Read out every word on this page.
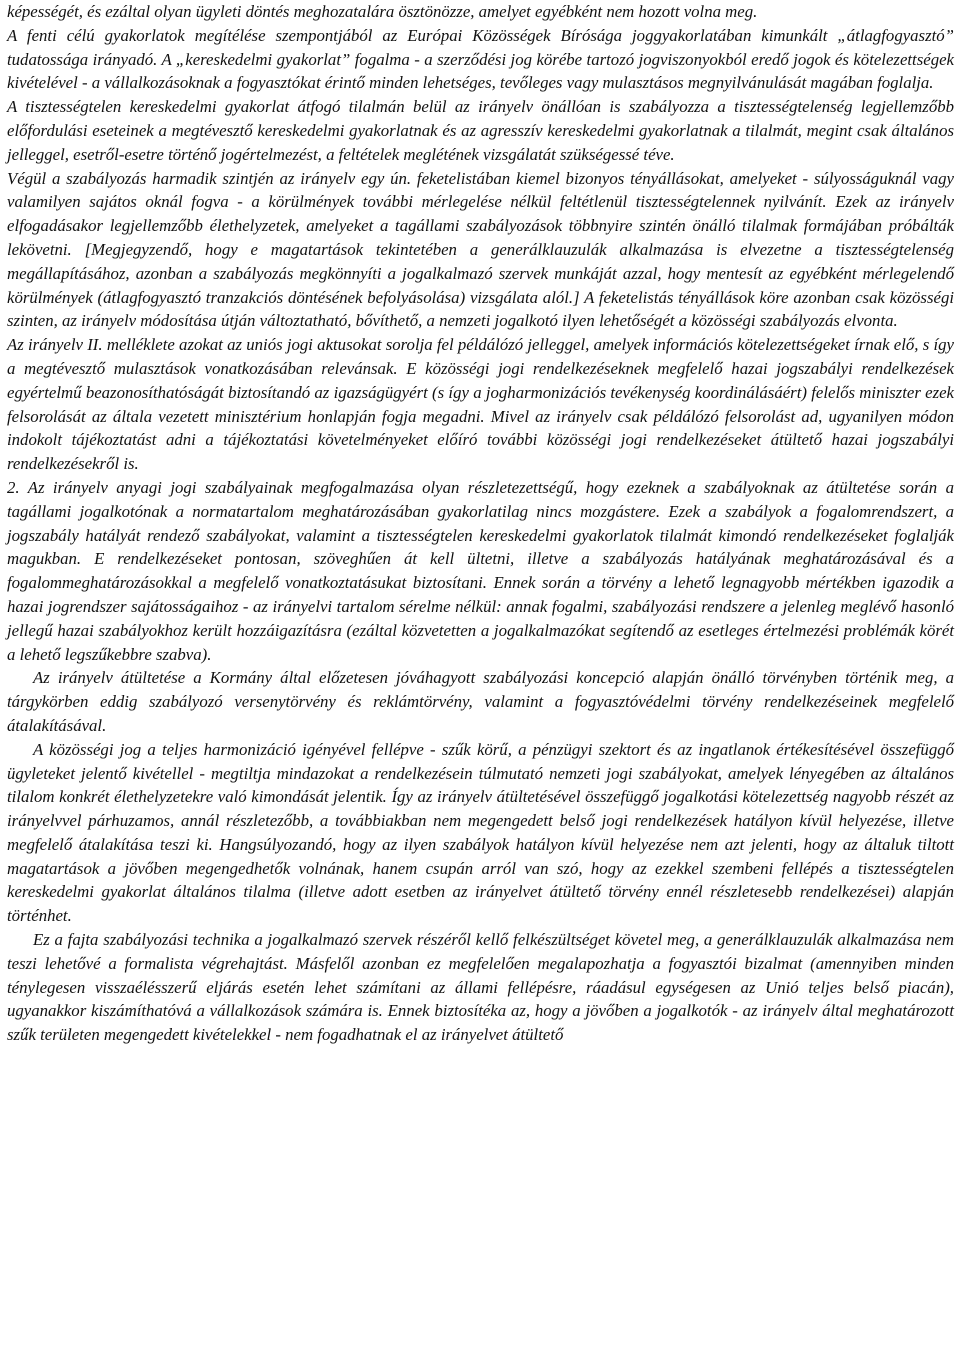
képességét, és ezáltal olyan ügyleti döntés meghozatalára ösztönözze, amelyet egyébként nem hozott volna meg.

A fenti célú gyakorlatok megítélése szempontjából az Európai Közösségek Bírósága joggyakorlatában kimunkált „átlagfogyasztó” tudatossága irányadó. A „kereskedelmi gyakorlat” fogalma - a szerződési jog körébe tartozó jogviszonyokból eredő jogok és kötelezettségek kivételével - a vállalkozásoknak a fogyasztókat érintő minden lehetséges, tevőleges vagy mulasztásos megnyilvánulását magában foglalja.

A tisztességtelen kereskedelmi gyakorlat átfogó tilalmán belül az irányelv önállóan is szabályozza a tisztességtelenség legjellemzőbb előfordulási eseteinek a megtévesztő kereskedelmi gyakorlatnak és az agresszív kereskedelmi gyakorlatnak a tilalmát, megint csak általános jelleggel, esetről-esetre történő jogértelmezést, a feltételek meglétének vizsgálatát szükségessé téve.

Végül a szabályozás harmadik szintjén az irányelv egy ún. feketelistában kiemel bizonyos tényállásokat, amelyeket - súlyosságuknál vagy valamilyen sajátos oknál fogva - a körülmények további mérlegelése nélkül feltétlenül tisztességtelennek nyilvánít. Ezek az irányelv elfogadásakor legjellemzőbb élethelyzetek, amelyeket a tagállami szabályozások többnyire szintén önálló tilalmak formájában próbálták lekövetni. [Megjegyzendő, hogy e magatartások tekintetében a generálklauzulák alkalmazása is elvezetne a tisztességtelenség megállapításához, azonban a szabályozás megkönnyíti a jogalkalmazó szervek munkáját azzal, hogy mentesít az egyébként mérlegelendő körülmények (átlagfogyasztó tranzakciós döntésének befolyásolása) vizsgálata alól.] A feketelistás tényállások köre azonban csak közösségi szinten, az irányelv módosítása útján változtatható, bővíthető, a nemzeti jogalkotó ilyen lehetőségét a közösségi szabályozás elvonta.

Az irányelv II. melléklete azokat az uniós jogi aktusokat sorolja fel példálózó jelleggel, amelyek információs kötelezettségeket írnak elő, s így a megtévesztő mulasztások vonatkozásában relevánsak. E közösségi jogi rendelkezéseknek megfelelő hazai jogszabályi rendelkezések egyértelmű beazonosíthatóságát biztosítandó az igazságügyért (s így a jogharmonizációs tevékenység koordinálásáért) felelős miniszter ezek felsorolását az általa vezetett minisztérium honlapján fogja megadni. Mivel az irányelv csak példálózó felsorolást ad, ugyanilyen módon indokolt tájékoztatást adni a tájékoztatási követelményeket előíró további közösségi jogi rendelkezéseket átültető hazai jogszabályi rendelkezésekről is.

2. Az irányelv anyagi jogi szabályainak megfogalmazása olyan részletezettségű, hogy ezeknek a szabályoknak az átültetése során a tagállami jogalkotónak a normatartalom meghatározásában gyakorlatilag nincs mozgástere. Ezek a szabályok a fogalomrendszert, a jogszabály hatályát rendező szabályokat, valamint a tisztességtelen kereskedelmi gyakorlatok tilalmát kimondó rendelkezéseket foglalják magukban. E rendelkezéseket pontosan, szöveghűen át kell ültetni, illetve a szabályozás hatályának meghatározásával és a fogalommeghatározásokkal a megfelelő vonatkoztatásukat biztosítani. Ennek során a törvény a lehető legnagyobb mértékben igazodik a hazai jogrendszer sajátosságaihoz - az irányelvi tartalom sérelme nélkül: annak fogalmi, szabályozási rendszere a jelenleg meglévő hasonló jellegű hazai szabályokhoz került hozzáigazításra (ezáltal közvetetten a jogalkalmazókat segítendő az esetleges értelmezési problémák körét a lehető legszűkebbre szabva).

Az irányelv átültetése a Kormány által előzetesen jóváhagyott szabályozási koncepció alapján önálló törvényben történik meg, a tárgykörben eddig szabályozó versenytörvény és reklámtörvény, valamint a fogyasztóvédelmi törvény rendelkezéseinek megfelelő átalakításával.

A közösségi jog a teljes harmonizáció igényével fellépve - szűk körű, a pénzügyi szektort és az ingatlanok értékesítésével összefüggő ügyleteket jelentő kivétellel - megtiltja mindazokat a rendelkezésein túlmutató nemzeti jogi szabályokat, amelyek lényegében az általános tilalom konkrét élethelyzetekre való kimondását jelentik. Így az irányelv átültetésével összefüggő jogalkotási kötelezettség nagyobb részét az irányelvvel párhuzamos, annál részletezőbb, a továbbiakban nem megengedett belső jogi rendelkezések hatályon kívül helyezése, illetve megfelelő átalakítása teszi ki. Hangsúlyozandó, hogy az ilyen szabályok hatályon kívül helyezése nem azt jelenti, hogy az általuk tiltott magatartások a jövőben megengedhetők volnának, hanem csupán arról van szó, hogy az ezekkel szembeni fellépés a tisztességtelen kereskedelmi gyakorlat általános tilalma (illetve adott esetben az irányelvet átültető törvény ennél részletesebb rendelkezései) alapján történhet.

Ez a fajta szabályozási technika a jogalkalmazó szervek részéről kellő felkészültséget követel meg, a generálklauzulák alkalmazása nem teszi lehetővé a formalista végrehajtást. Másfelől azonban ez megfelelően megalapozhatja a fogyasztói bizalmat (amennyiben minden ténylegesen visszaélésszerű eljárás esetén lehet számítani az állami fellépésre, ráadásul egységesen az Unió teljes belső piacán), ugyanakkor kiszámíthatóvá a vállalkozások számára is. Ennek biztosítéka az, hogy a jövőben a jogalkotók - az irányelv által meghatározott szűk területen megengedett kivételekkel - nem fogadhatnak el az irányelvet átültető
